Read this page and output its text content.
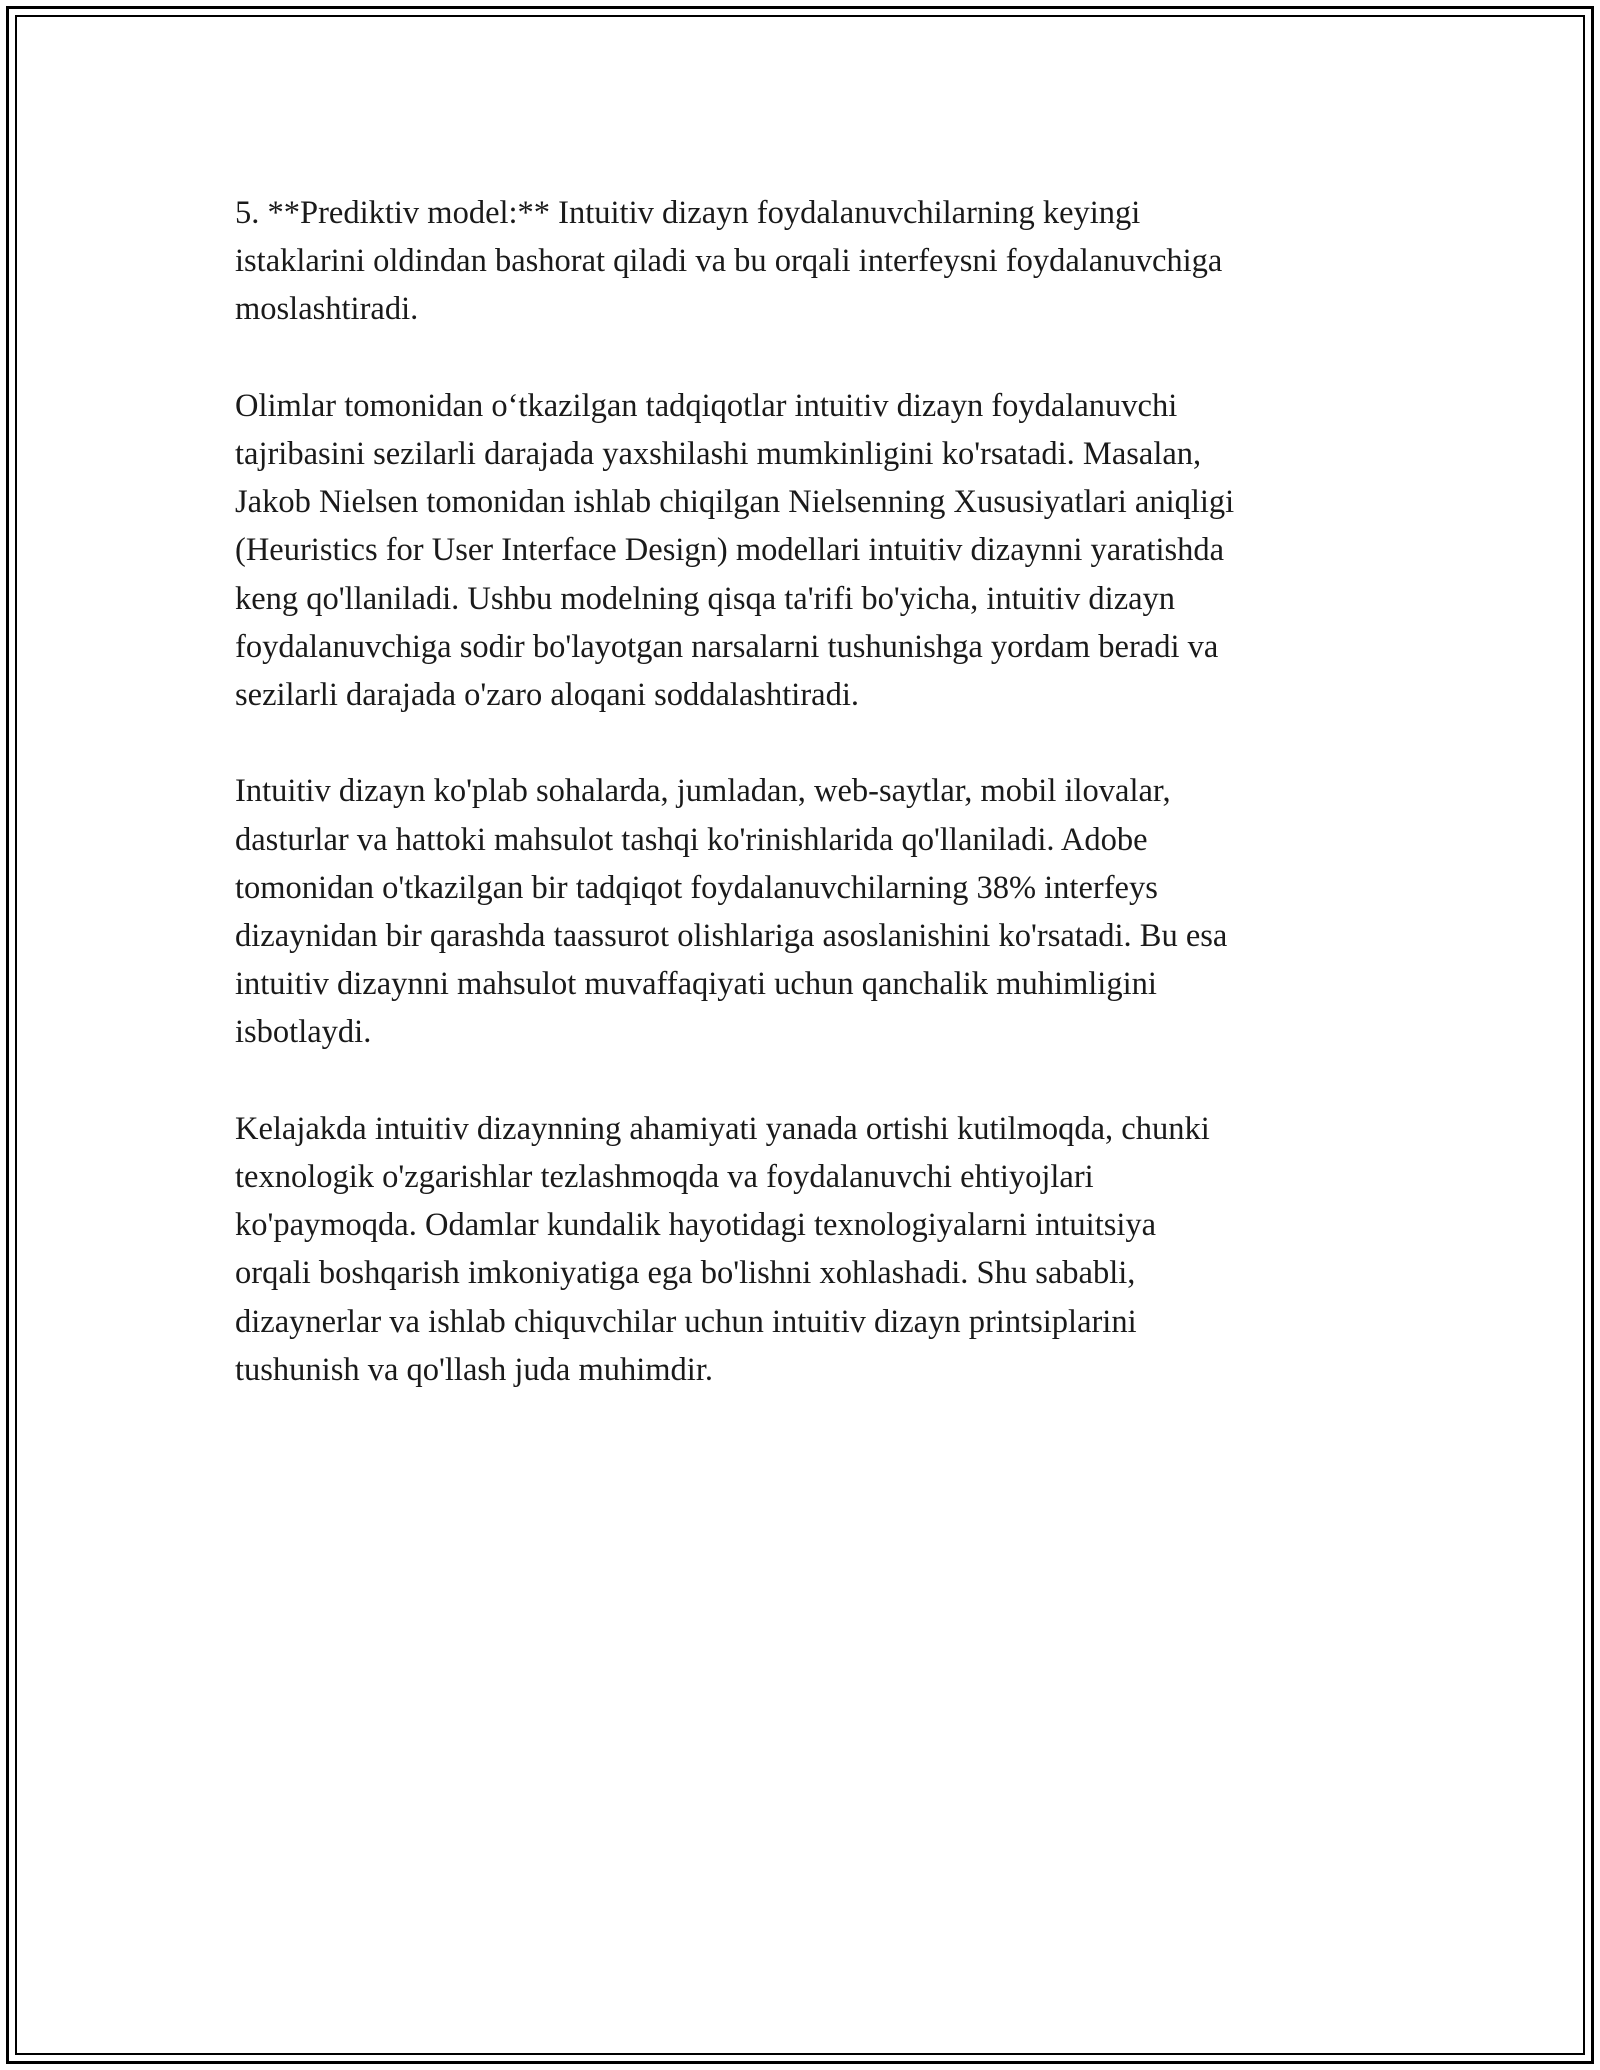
5. **Prediktiv model:** Intuitiv dizayn foydalanuvchilarning keyingi
istaklarini oldindan bashorat qiladi va bu orqali interfeysni foydalanuvchiga
moslashtiradi.

Olimlar tomonidan o‘tkazilgan tadqiqotlar intuitiv dizayn foydalanuvchi
tajribasini sezilarli darajada yaxshilashi mumkinligini ko'rsatadi. Masalan,
Jakob Nielsen tomonidan ishlab chiqilgan Nielsenning Xususiyatlari aniqligi
(Heuristics for User Interface Design) modellari intuitiv dizaynni yaratishda
keng qo'llaniladi. Ushbu modelning qisqa ta'rifi bo'yicha, intuitiv dizayn
foydalanuvchiga sodir bo'layotgan narsalarni tushunishga yordam beradi va
sezilarli darajada o'zaro aloqani soddalashtiradi.

Intuitiv dizayn ko'plab sohalarda, jumladan, web-saytlar, mobil ilovalar,
dasturlar va hattoki mahsulot tashqi ko'rinishlarida qo'llaniladi. Adobe
tomonidan o'tkazilgan bir tadqiqot foydalanuvchilarning 38% interfeys
dizaynidan bir qarashda taassurot olishlariga asoslanishini ko'rsatadi. Bu esa
intuitiv dizaynni mahsulot muvaffaqiyati uchun qanchalik muhimligini
isbotlaydi.

Kelajakda intuitiv dizaynning ahamiyati yanada ortishi kutilmoqda, chunki
texnologik o'zgarishlar tezlashmoqda va foydalanuvchi ehtiyojlari
ko'paymoqda. Odamlar kundalik hayotidagi texnologiyalarni intuitsiya
orqali boshqarish imkoniyatiga ega bo'lishni xohlashadi. Shu sababli,
dizaynerlar va ishlab chiquvchilar uchun intuitiv dizayn printsiplarini
tushunish va qo'llash juda muhimdir.
